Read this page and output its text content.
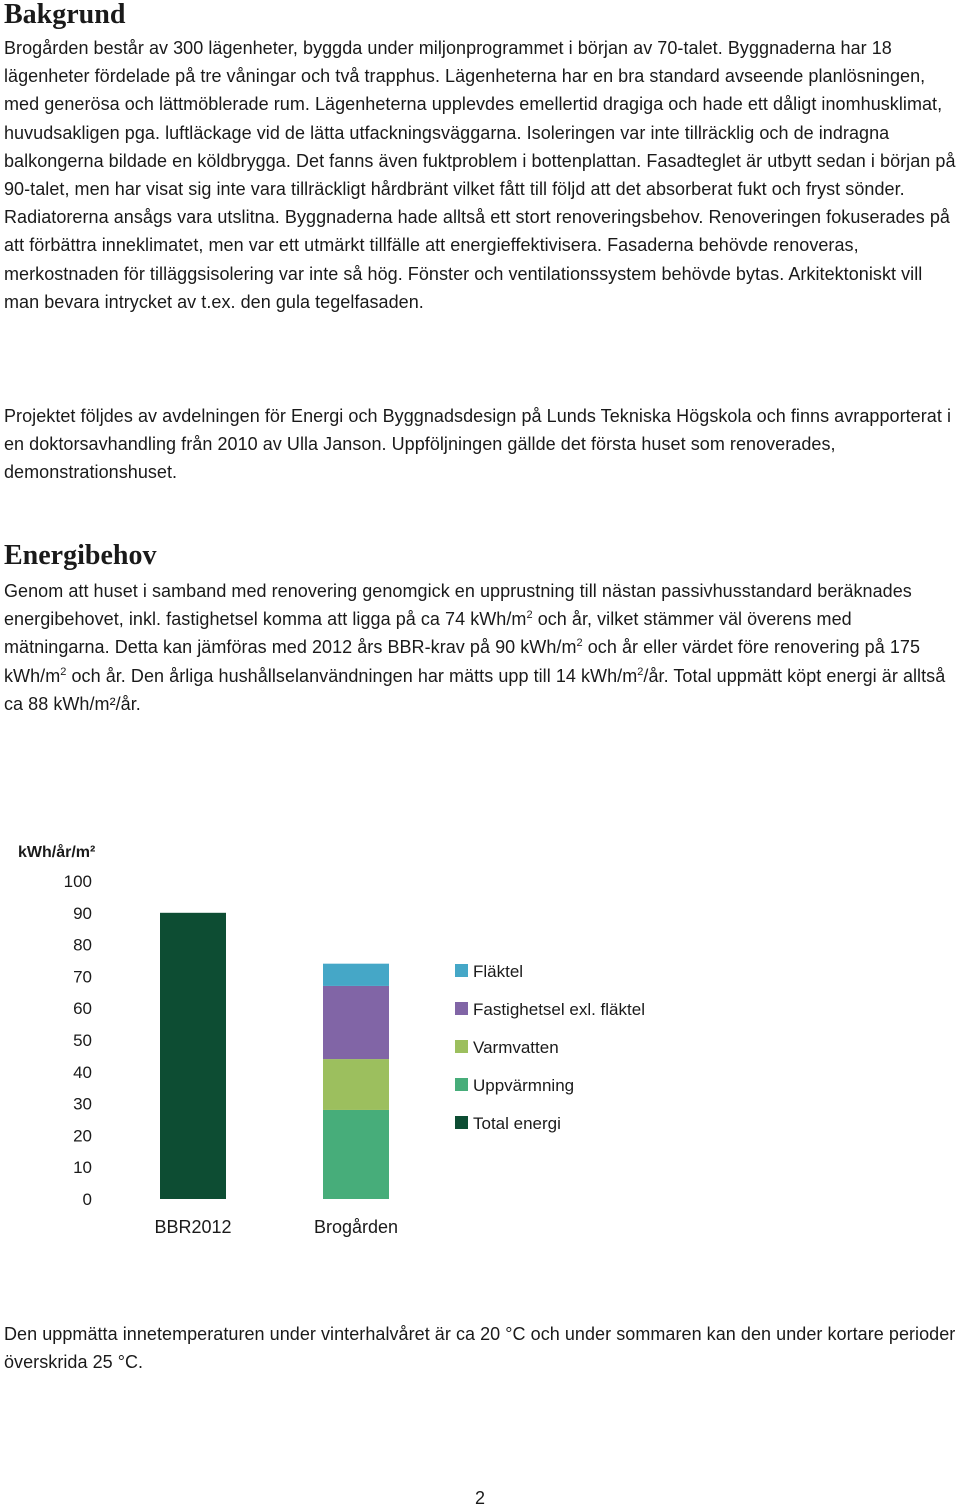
Bakgrund

Brogården består av 300 lägenheter, byggda under miljonprogrammet i början av 70-talet. Byggnaderna har 18 lägenheter fördelade på tre våningar och två trapphus. Lägenheterna har en bra standard avseende planlösningen, med generösa och lättmöblerade rum. Lägenheterna upplevdes emellertid dragiga och hade ett dåligt inomhusklimat, huvudsakligen pga. luftläckage vid de lätta utfackningsväggarna. Isoleringen var inte tillräcklig och de indragna balkongerna bildade en köldbrygga. Det fanns även fuktproblem i bottenplattan. Fasadteglet är utbytt sedan i början på 90-talet, men har visat sig inte vara tillräckligt hårdbränt vilket fått till följd att det absorberat fukt och fryst sönder. Radiatorerna ansågs vara utslitna. Byggnaderna hade alltså ett stort renoveringsbehov. Renoveringen fokuserades på att förbättra inneklimatet, men var ett utmärkt tillfälle att energieffektivisera. Fasaderna behövde renoveras, merkostnaden för tilläggsisolering var inte så hög. Fönster och ventilationssystem behövde bytas. Arkitektoniskt vill man bevara intrycket av t.ex. den gula tegelfasaden.

Projektet följdes av avdelningen för Energi och Byggnadsdesign på Lunds Tekniska Högskola och finns avrapporterat i en doktorsavhandling från 2010 av Ulla Janson. Uppföljningen gällde det första huset som renoverades, demonstrationshuset.

Energibehov

Genom att huset i samband med renovering genomgick en upprustning till nästan passivhusstandard beräknades energibehovet, inkl. fastighetsel komma att ligga på ca 74 kWh/$m^2$ och år, vilket stämmer väl överens med mätningarna. Detta kan jämföras med 2012 års BBR-krav på 90 kWh/$m^2$ och år eller värdet före renovering på 175 kWh/$m^2$ och år. Den årliga hushållselanvändningen har mätts upp till 14 kWh/$m^2/år$. Total uppmätt köpt energi är alltså ca 88 kWh/m²/år.

kWh/år/m²
0
10
20
30
40
50
60
70
80
90
100
BBR2012	Brogården
Fläktel
Fastighetsel exl. fläktel
Varmvatten
Uppvärmning
Total energi

Den uppmätta innetemperaturen under vinterhalvåret är ca 20 °C och under sommaren kan den under kortare perioder överskrida 25 °C.

2
